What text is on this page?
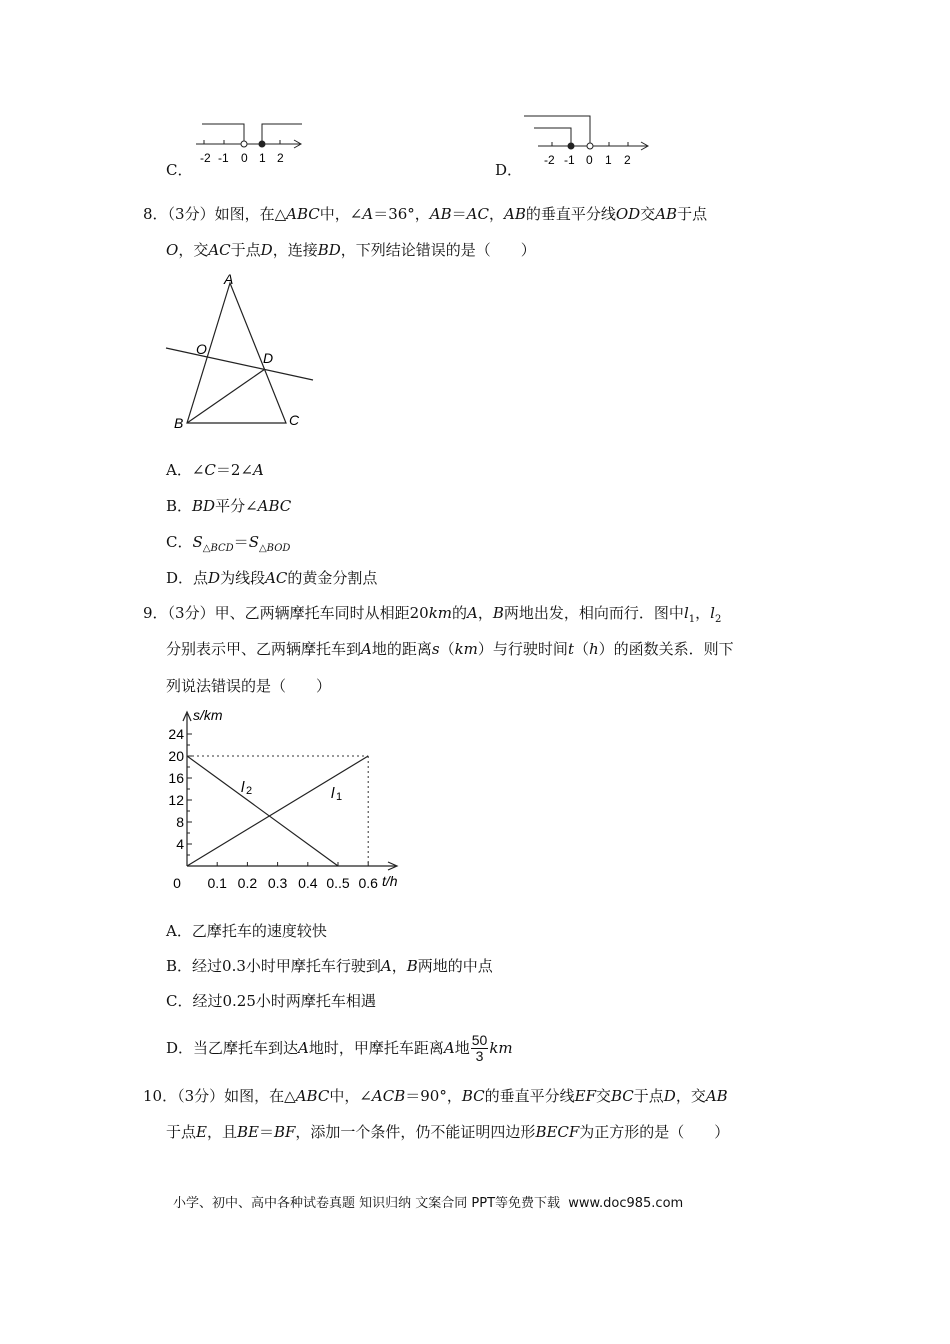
C．
-2 -1 0 1 2
D．
-2 -1 0 1 2
8．（3分）如图，在△ABC中，∠A＝36°，AB＝AC，AB的垂直平分线OD交AB于点
O，交AC于点D，连接BD，下列结论错误的是（　　）
A
O
D
B	C
A．∠C＝2∠A
B．BD平分∠ABC
C．$S_{\triangle BCD}=S_{\triangle BOD}$
D．点D为线段AC的黄金分割点
9．（3分）甲、乙两辆摩托车同时从相距20km的A，B两地出发，相向而行．图中$l_1$，$l_2$
分别表示甲、乙两辆摩托车到A地的距离s（km）与行驶时间t（h）的函数关系．则下
列说法错误的是（　　）
s/km
t/h
4
8
12
16
20
24
0 0.1 0.2 0.3 0.4 0..5 0.6
l 1
l 2
A．乙摩托车的速度较快
B．经过0.3小时甲摩托车行驶到A，B两地的中点
C．经过0.25小时两摩托车相遇
D． 当乙摩托车到达 A 地时，甲摩托车距离 A 地 $\frac{50}{3}$ km
10．（3分）如图，在△ABC中，∠ACB＝90°，BC的垂直平分线EF交BC于点D，交AB
于点E，且BE＝BF，添加一个条件，仍不能证明四边形BECF为正方形的是（　　）
小学、初中、高中各种试卷真题 知识归纳 文案合同 PPT等免费下载 www.doc985.com
